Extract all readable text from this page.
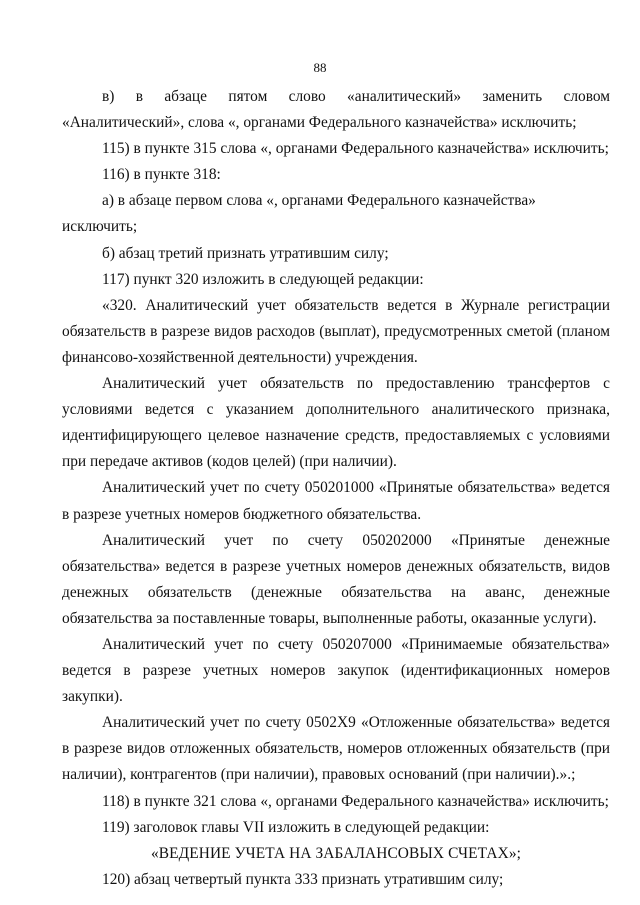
88

в) в абзаце пятом слово «аналитический» заменить словом «Аналитический», слова «, органами Федерального казначейства» исключить;

115) в пункте 315 слова «, органами Федерального казначейства» исключить;

116) в пункте 318:

а) в абзаце первом слова «, органами Федерального казначейства» исключить;

б) абзац третий признать утратившим силу;

117) пункт 320 изложить в следующей редакции:

«320. Аналитический учет обязательств ведется в Журнале регистрации обязательств в разрезе видов расходов (выплат), предусмотренных сметой (планом финансово-хозяйственной деятельности) учреждения.

Аналитический учет обязательств по предоставлению трансфертов с условиями ведется с указанием дополнительного аналитического признака, идентифицирующего целевое назначение средств, предоставляемых с условиями при передаче активов (кодов целей) (при наличии).

Аналитический учет по счету 050201000 «Принятые обязательства» ведется в разрезе учетных номеров бюджетного обязательства.

Аналитический учет по счету 050202000 «Принятые денежные обязательства» ведется в разрезе учетных номеров денежных обязательств, видов денежных обязательств (денежные обязательства на аванс, денежные обязательства за поставленные товары, выполненные работы, оказанные услуги).

Аналитический учет по счету 050207000 «Принимаемые обязательства» ведется в разрезе учетных номеров закупок (идентификационных номеров закупки).

Аналитический учет по счету 0502Х9 «Отложенные обязательства» ведется в разрезе видов отложенных обязательств, номеров отложенных обязательств (при наличии), контрагентов (при наличии), правовых оснований (при наличии).».;

118) в пункте 321 слова «, органами Федерального казначейства» исключить;

119) заголовок главы VII изложить в следующей редакции:

«ВЕДЕНИЕ УЧЕТА НА ЗАБАЛАНСОВЫХ СЧЕТАХ»;

120) абзац четвертый пункта 333 признать утратившим силу;
